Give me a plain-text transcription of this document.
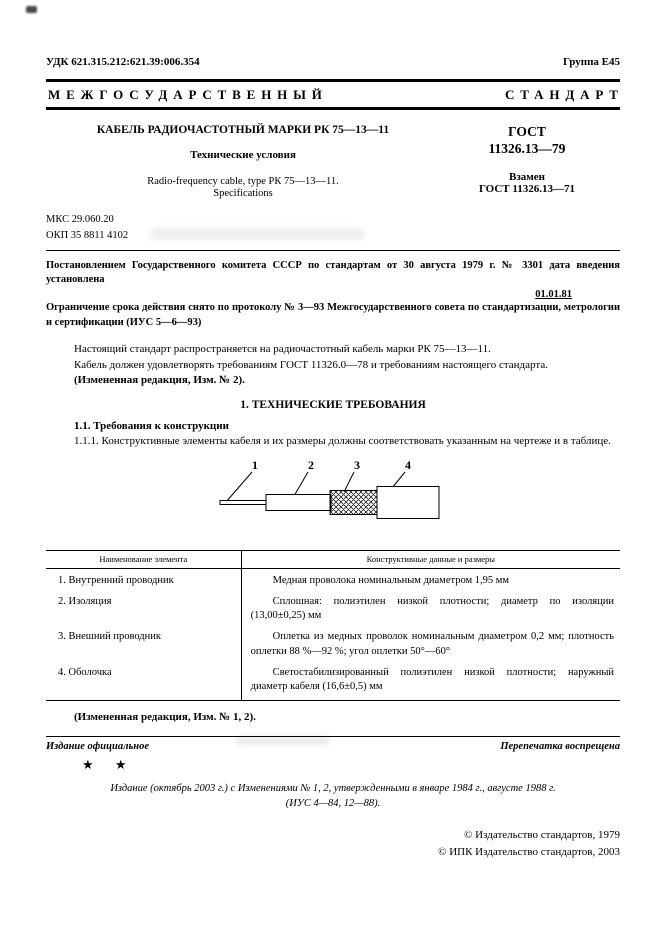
УДК 621.315.212:621.39:006.354	Группа Е45
МЕЖГОСУДАРСТВЕННЫЙ	СТАНДАРТ
КАБЕЛЬ РАДИОЧАСТОТНЫЙ МАРКИ РК 75—13—11
Технические условия
Radio-frequency cable, type РК 75—13—11.
Specifications
ГОСТ
11326.13—79
Взамен
ГОСТ 11326.13—71
МКС 29.060.20
ОКП 35 8811 4102
Постановлением Государственного комитета СССР по стандартам от 30 августа 1979 г. № 3301 дата введения установлена
01.01.81
Ограничение срока действия снято по протоколу № 3—93 Межгосударственного совета по стандартизации, метрологии и сертификации (ИУС 5—6—93)
Настоящий стандарт распространяется на радиочастотный кабель марки РК 75—13—11.
Кабель должен удовлетворять требованиям ГОСТ 11326.0—78 и требованиям настоящего стандарта.
(Измененная редакция, Изм. № 2).
1. ТЕХНИЧЕСКИЕ ТРЕБОВАНИЯ
1.1. Требования к конструкции
1.1.1. Конструктивные элементы кабеля и их размеры должны соответствовать указанным на чертеже и в таблице.
1	2	3	4
Наименование элемента	Конструктивные данные и размеры
1. Внутренний проводник	Медная проволока номинальным диаметром 1,95 мм
2. Изоляция	Сплошная: полиэтилен низкой плотности; диаметр по изоляции (13,00±0,25) мм
3. Внешний проводник	Оплетка из медных проволок номинальным диаметром 0,2 мм; плотность оплетки 88 %—92 %; угол оплетки 50°—60°
4. Оболочка	Светостабилизированный полиэтилен низкой плотности; наружный диаметр кабеля (16,6±0,5) мм
(Измененная редакция, Изм. № 1, 2).
Издание официальное	Перепечатка воспрещена
★ ★
Издание (октябрь 2003 г.) с Изменениями № 1, 2, утвержденными в январе 1984 г., августе 1988 г.
(ИУС 4—84, 12—88).
© Издательство стандартов, 1979
© ИПК Издательство стандартов, 2003
